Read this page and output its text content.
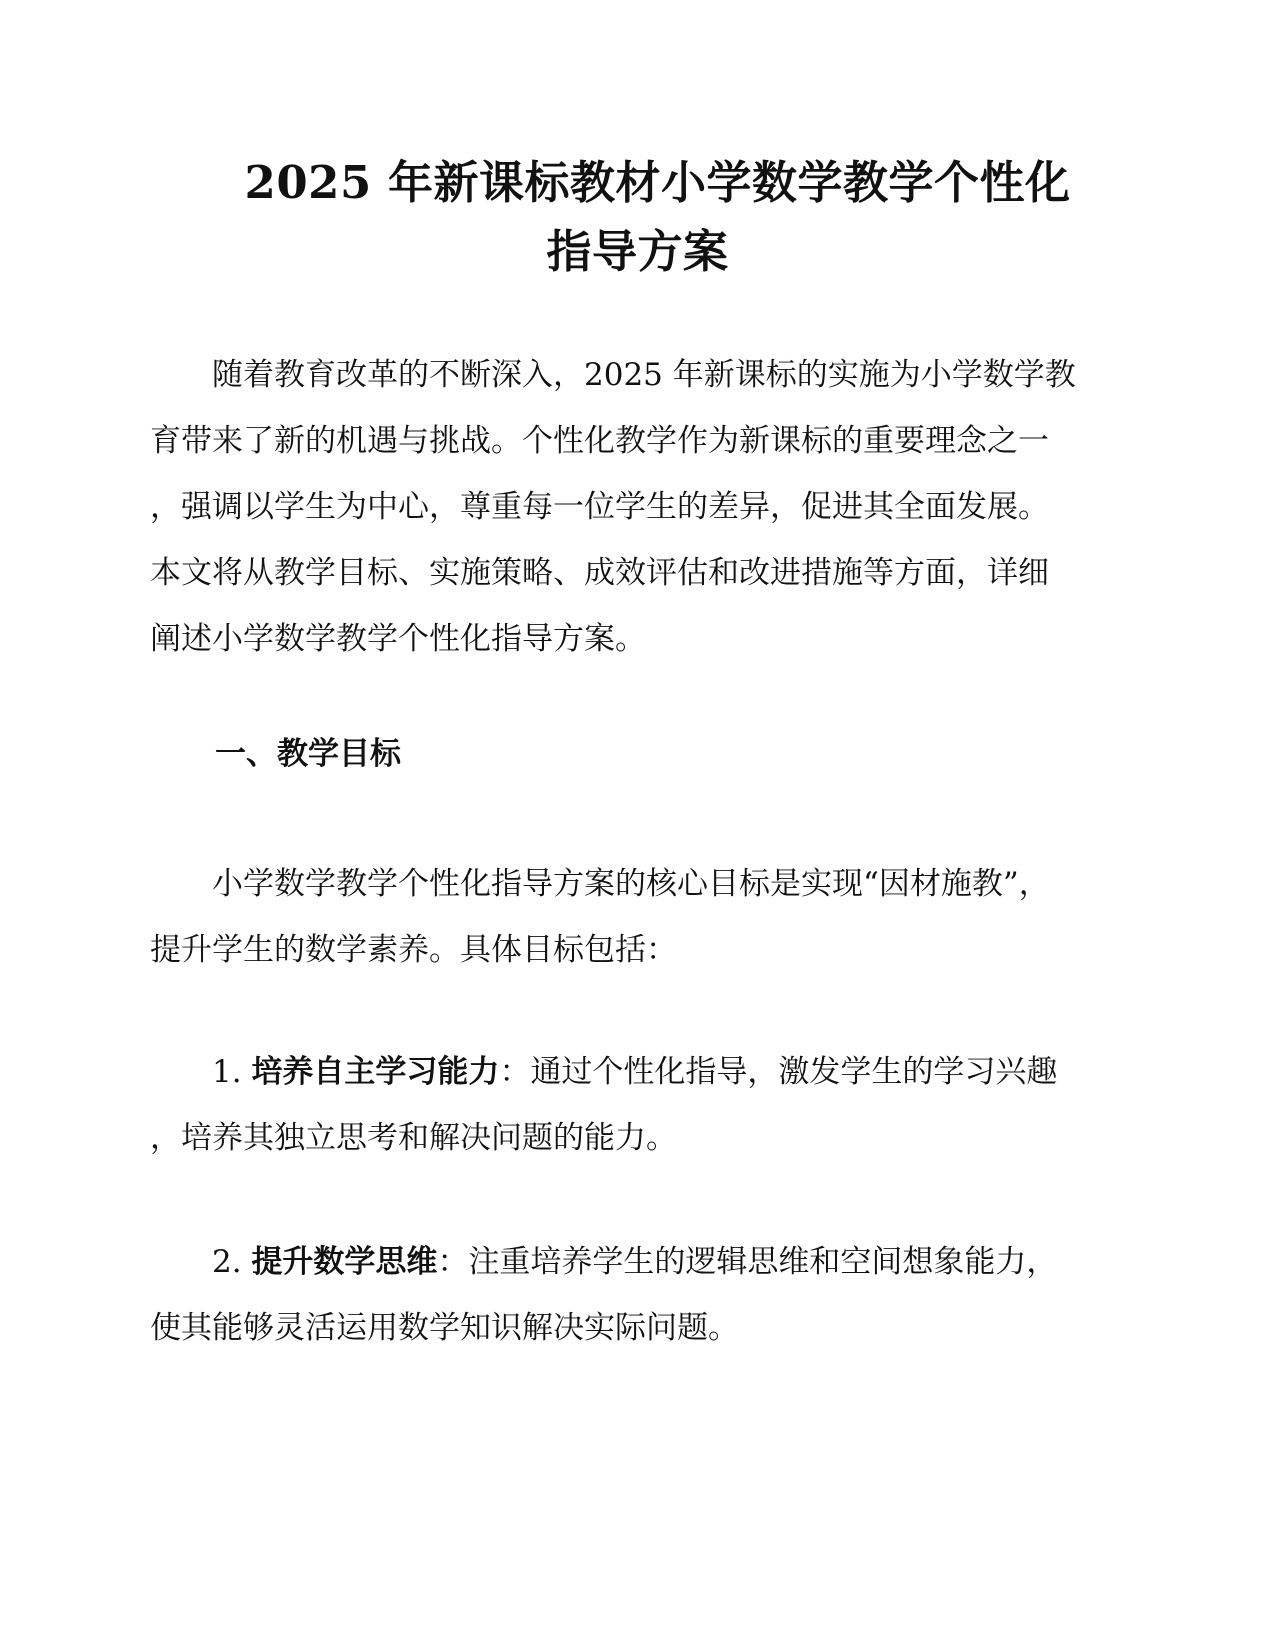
2025 年新课标教材小学数学教学个性化
指导方案
随着教育改革的不断深入，2025 年新课标的实施为小学数学教
育带来了新的机遇与挑战。个性化教学作为新课标的重要理念之一
，强调以学生为中心，尊重每一位学生的差异，促进其全面发展。
本文将从教学目标、实施策略、成效评估和改进措施等方面，详细
阐述小学数学教学个性化指导方案。
一、教学目标
小学数学教学个性化指导方案的核心目标是实现“因材施教”，
提升学生的数学素养。具体目标包括：
1. 培养自主学习能力：通过个性化指导，激发学生的学习兴趣
，培养其独立思考和解决问题的能力。
2. 提升数学思维：注重培养学生的逻辑思维和空间想象能力，
使其能够灵活运用数学知识解决实际问题。
